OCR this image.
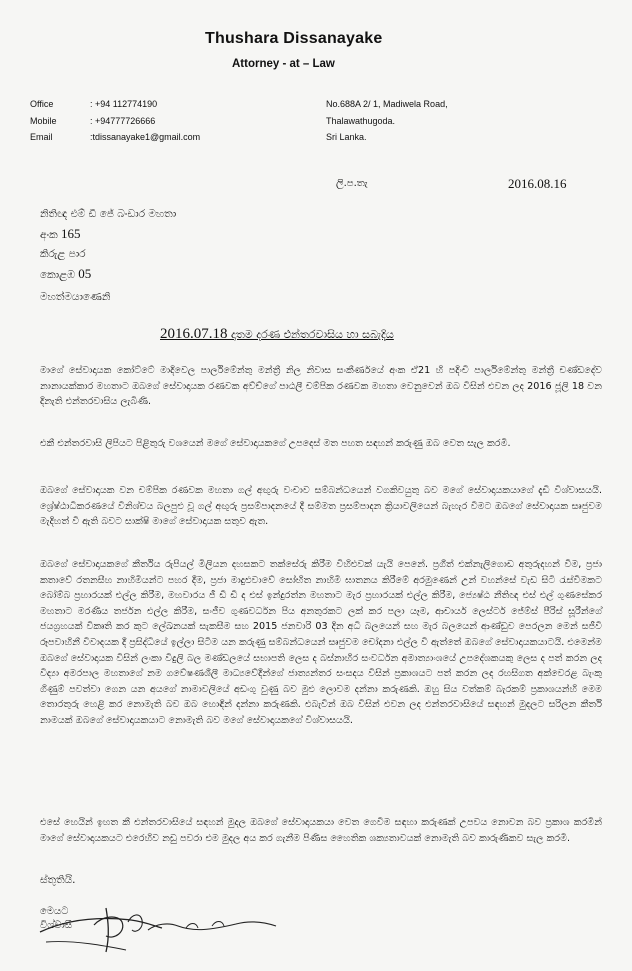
Thushara Dissanayake
Attorney - at – Law
Office	: +94 112774190
Mobile	: +94777726666
Email	:tdissanayake1@gmail.com
No.688A 2/ 1, Madiwela Road,
Thalawathugoda.
Sri Lanka.
ලි.ප.තැ	2016.08.16
නිතිඥ එම් ඩී ජේ බංඩාර මහතා
අංක 165
කිරුළ පාර
කොළඹ 05
මහත්මයාණෙනි
2016.07.18 දාතම දරණ එන්තරවාසිය හා සබැදිය
මාගේ සේවාදායක කෝට්ටේ මාදිවෙල පාර්ලිමේන්තු මන්ත්‍රී නිල නිවාස සංකීර්ණයේ අංක ඒ21 හි පදිංචි පාර්ලිමේන්තු මන්ත්‍රී චණ්ඩදේව නානායක්කාර මහතාට ඔබගේ සේවාදායක රණවක අව්ච්ගේ පාඨලී චම්පික රණවක මහතා වෙනුවෙන් ඔබ විසින් එවන ලද 2016 ජූලි 18 වන දිනැති එන්තරවාසිය ලැබිණි.
එකී එන්තරවාසි ලිපියට පිළිතුරු වශයෙන් මගේ සේවාදායකගේ උපදෙස් මත පහත සඳහන් කරුණු ඔබ වෙත සැල කරමි.
ඔබගේ සේවාදායක වන චම්පික රණවක මහතා ගල් අඟුරු වංචාව සම්බන්ධයෙන් වගකිවයුතු බව මගේ සේවාදායකයාගේ දැඩි විශ්වාසයයි. ශ්‍රේෂ්ඨාධිකරණයේ විනිශ්චය බලපුළු වූ ගල් අඟුරු ප්‍රසම්පාදනයේ දී සම්මත ප්‍රසම්පාදන ක්‍රියාවලියෙන් බැහැර වීමට ඔබගේ සේවාදායක සෘජුවම මැදිහත් වී ඇති බවට සාක්ෂි මාගේ සේවාදායක සතුව ඇත.
ඔබගේ සේවාදායකගේ කීර්තිය රුපියල් මිලියන දහසකට තක්සේරු කිරීම විහිළුවක් යැයි පෙනේ. ප්‍රගීත් එක්නැලිගොඩ අතුරුදහන් වීම, ප්‍රජා කතාවේ රතනසීහ නාහිමියන්ට පහර දීම, ප්‍රජා මාදුළුවාවේ සෝභිත නාහිමි ඝාතනය කිරීමේ අරමුණෙන් උන් වහන්සේ වැඩ සිටි රැස්වීමකට බෝම්බ ප්‍රහාරයක් එල්ල කිරීම, මහවාරය ජී ඩී ඩී ද එස් ඉන්දුරත්න මහතාට මැර ප්‍රහාරයක් එල්ල කිරීම, ජ්‍යෙෂ්ඨ නීතිඥ එස් එල් ගුණසේකර මහතාට මරණීය තර්ජන එල්ල කිරීම, සංජීව ගුණවර්ධන පිය අනතුරකට ලක් කර පලා යෑම, ආචාර්ය ලෙස්ටර් ජේම්ස් පීරිස් සූරීන්ගේ ජයග්‍රහයක් විකෘති කර කුට ලේඛනයක් සැකසීම සහ 2015 ජනවාරි 03 දින අධි බලයෙන් සහ මැර බලයෙන් ආණ්ඩුව පෙරලන මෙන් සජීවි රූපවාහිනී විවාදයක දී ප්‍රසිද්ධියේ ඉල්ලා සිටීම යන කරුණු සම්බන්ධයෙන් සෘජුවම චෝදනා එල්ල වී ඇත්තේ ඔබගේ සේවාදායකයාටයි. එමෙන්ම ඔබගේ සේවාදායක විසින් ලංකා විදුලි බල මණ්ඩලයේ සභාපති ලෙස ද බස්නාහිර සංවර්ධන අමාත්‍යාංශයේ උපදේශකයකු ලෙස ද පත් කරන ලද විද්‍යා අමරපාල මහතාගේ නම ගවේෂණශීලී මාධ්‍යවේදීන්ගේ ජාත්‍යන්තර සංසදය විසින් ප්‍රකාශයට පත් කරන ලද රහසිගත අක්වෙරළ බැංකු ගිණුම් පවත්වා ගෙන යන අයගේ නාමාවලියේ අඩංගු වුණු බව මුළු ලොවම දන්නා කරුණකි. ඔහු සිය වත්කම් බැරකම් ප්‍රකාශයන්හි මෙම තොරතුරු හෙළි කර නොමැති බව ඔබ හොඳින් දන්නා කරුණකි. එබැවින් ඔබ විසින් එවන ලද එන්තරවාසියේ සඳහන් මුදලට සරිලන කීර්ති නාමයක් ඔබගේ සේවාදායකයාට නොමැති බව මගේ සේවාදායකගේ විශ්වාසයයි.
එසේ හෙයින් ඉහත කී එන්තරවාසියේ සඳහන් මුදල ඔබගේ සේවාදායකයා වෙත ගෙවීම සඳහා කරුණක් උපවය නොවන බව ප්‍රකාශ කරමින් මාගේ සේවාදායකයට එරෙහිව නඩු පවරා එම මුදල අය කර ගැනීම පිණිස හෛතික ශක්‍යතාවයක් නොමැති බව කාරුණිකව සැල කරමි.
ස්තුතියි.
මෙයට
විශ්වාසී
